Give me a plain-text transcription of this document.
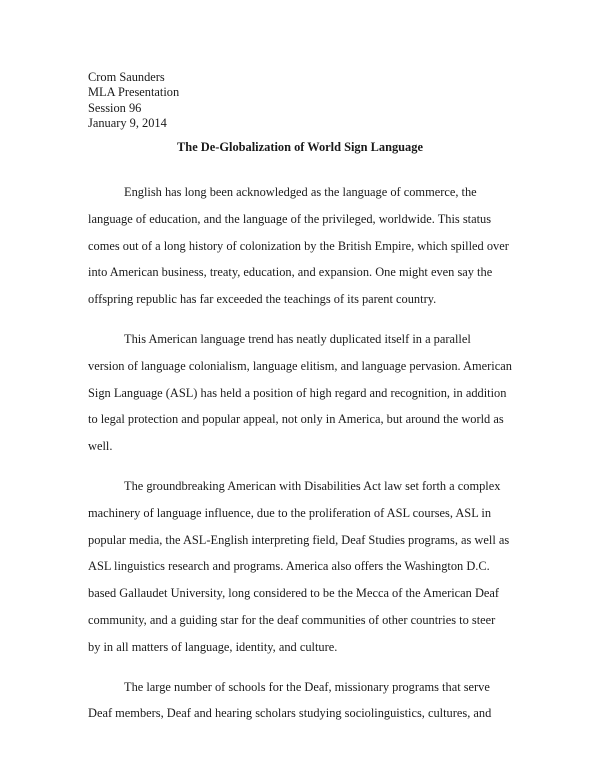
Crom Saunders
MLA Presentation
Session 96
January 9, 2014
The De-Globalization of World Sign Language

English has long been acknowledged as the language of commerce, the
language of education, and the language of the privileged, worldwide. This status
comes out of a long history of colonization by the British Empire, which spilled over
into American business, treaty, education, and expansion. One might even say the
offspring republic has far exceeded the teachings of its parent country.

This American language trend has neatly duplicated itself in a parallel
version of language colonialism, language elitism, and language pervasion. American
Sign Language (ASL) has held a position of high regard and recognition, in addition
to legal protection and popular appeal, not only in America, but around the world as
well.

The groundbreaking American with Disabilities Act law set forth a complex
machinery of language influence, due to the proliferation of ASL courses, ASL in
popular media, the ASL-English interpreting field, Deaf Studies programs, as well as
ASL linguistics research and programs. America also offers the Washington D.C.
based Gallaudet University, long considered to be the Mecca of the American Deaf
community, and a guiding star for the deaf communities of other countries to steer
by in all matters of language, identity, and culture.

The large number of schools for the Deaf, missionary programs that serve
Deaf members, Deaf and hearing scholars studying sociolinguistics, cultures, and
